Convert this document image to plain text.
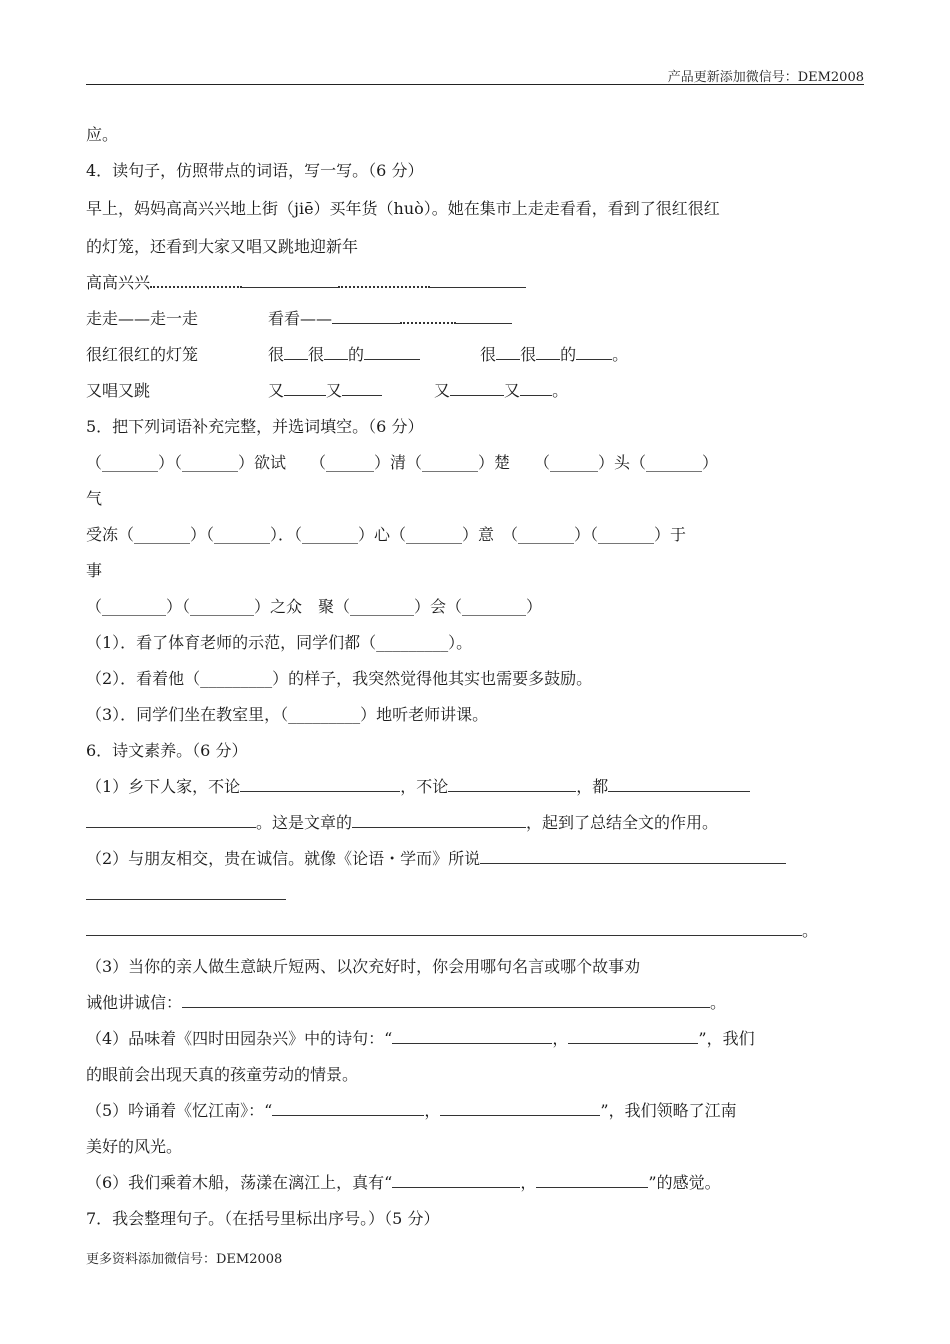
产品更新添加微信号：DEM2008
应。
4．读句子，仿照带点的词语，写一写。（6 分）
早上，妈妈高高兴兴地上街（jiē）买年货（huò）。她在集市上走走看看，看到了很红很红
的灯笼，还看到大家又唱又跳地迎新年
高高兴兴
走走——走一走	看看——
很红很红的灯笼	很 很 的	很 很 的 。
又唱又跳	又	又	又	又 。
5．把下列词语补充完整，并选词填空。（6 分）
（_______）（_______）欲试　　（______）清（_______）楚　　（______）头（_______）
气
受冻（_______）（_______）．（_______）心（_______）意　（_______）（_______）于
事
（________）（________）之众　聚（________）会（________）
（1）．看了体育老师的示范，同学们都（_________）。
（2）．看着他（_________）的样子，我突然觉得他其实也需要多鼓励。
（3）．同学们坐在教室里，（_________）地听老师讲课。
6．诗文素养。（6 分）
（1）乡下人家，不论	，不论	，都
。这是文章的	，起到了总结全文的作用。
（2）与朋友相交，贵在诚信。就像《论语・学而》所说
。
（3）当你的亲人做生意缺斤短两、以次充好时，你会用哪句名言或哪个故事劝
诫他讲诚信：	。
（4）品味着《四时田园杂兴》中的诗句：“	，	”，我们
的眼前会出现天真的孩童劳动的情景。
（5）吟诵着《忆江南》：“	，	”，我们领略了江南
美好的风光。
（6）我们乘着木船，荡漾在漓江上，真有“	，	”的感觉。
7．我会整理句子。（在括号里标出序号。）（5 分）
更多资料添加微信号：DEM2008
